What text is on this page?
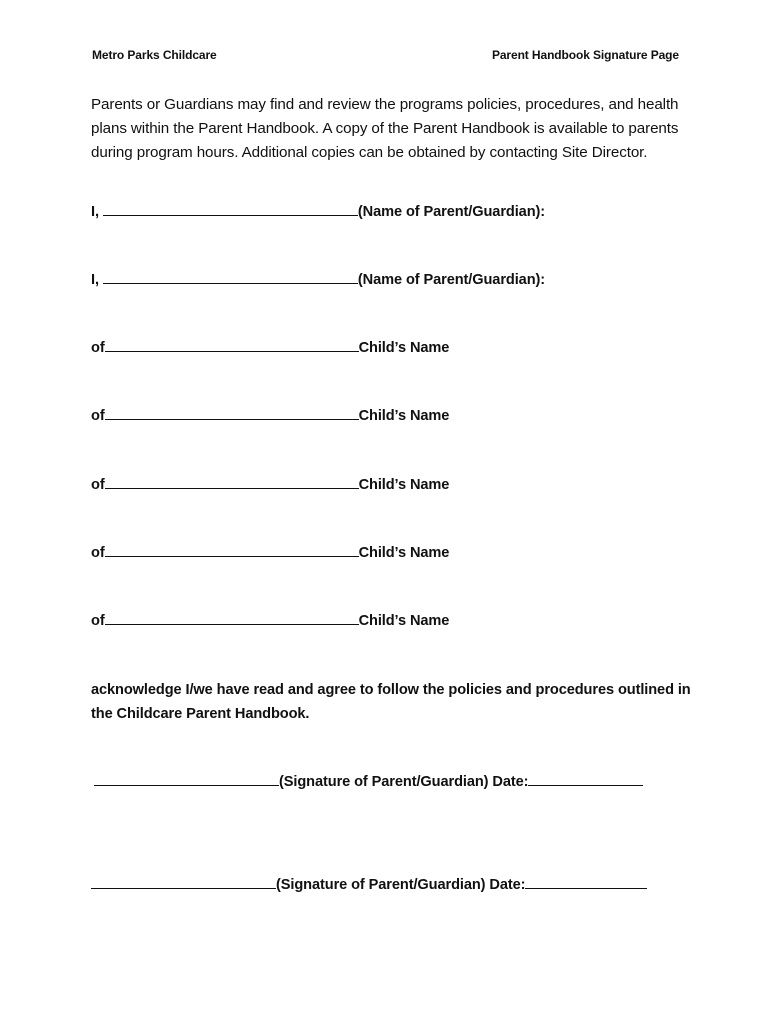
Metro Parks Childcare	Parent Handbook Signature Page
Parents or Guardians may find and review the programs policies, procedures, and health plans within the Parent Handbook. A copy of the Parent Handbook is available to parents during program hours. Additional copies can be obtained by contacting Site Director.
I,	(Name of Parent/Guardian):
I,	(Name of Parent/Guardian):
of	Child’s Name
of	Child’s Name
of	Child’s Name
of	Child’s Name
of	Child’s Name
acknowledge I/we have read and agree to follow the policies and procedures outlined in the Childcare Parent Handbook.
(Signature of Parent/Guardian) Date:
(Signature of Parent/Guardian) Date:
